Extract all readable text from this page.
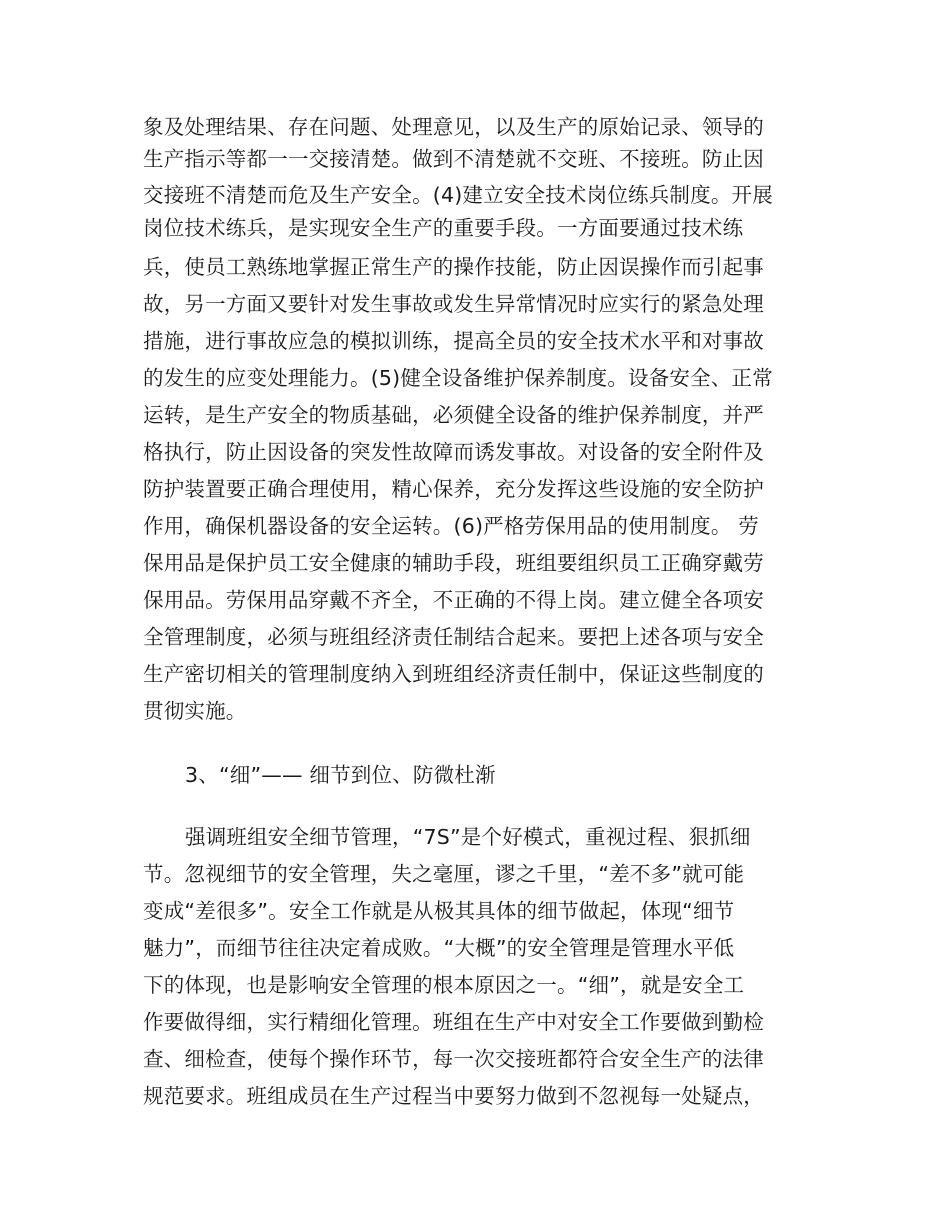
象及处理结果、存在问题、处理意见，以及生产的原始记录、领导的
生产指示等都一一交接清楚。做到不清楚就不交班、不接班。防止因
交接班不清楚而危及生产安全。(4)建立安全技术岗位练兵制度。开展
岗位技术练兵，是实现安全生产的重要手段。一方面要通过技术练
兵，使员工熟练地掌握正常生产的操作技能，防止因误操作而引起事
故，另一方面又要针对发生事故或发生异常情况时应实行的紧急处理
措施，进行事故应急的模拟训练，提高全员的安全技术水平和对事故
的发生的应变处理能力。(5)健全设备维护保养制度。设备安全、正常
运转，是生产安全的物质基础，必须健全设备的维护保养制度，并严
格执行，防止因设备的突发性故障而诱发事故。对设备的安全附件及
防护装置要正确合理使用，精心保养，充分发挥这些设施的安全防护
作用，确保机器设备的安全运转。(6)严格劳保用品的使用制度。 劳
保用品是保护员工安全健康的辅助手段，班组要组织员工正确穿戴劳
保用品。劳保用品穿戴不齐全，不正确的不得上岗。建立健全各项安
全管理制度，必须与班组经济责任制结合起来。要把上述各项与安全
生产密切相关的管理制度纳入到班组经济责任制中，保证这些制度的
贯彻实施。
3、“细”—— 细节到位、防微杜渐
强调班组安全细节管理，“7S”是个好模式，重视过程、狠抓细
节。忽视细节的安全管理，失之毫厘，谬之千里，“差不多”就可能
变成“差很多”。安全工作就是从极其具体的细节做起，体现“细节
魅力”，而细节往往决定着成败。“大概”的安全管理是管理水平低
下的体现，也是影响安全管理的根本原因之一。“细”，就是安全工
作要做得细，实行精细化管理。班组在生产中对安全工作要做到勤检
查、细检查，使每个操作环节，每一次交接班都符合安全生产的法律
规范要求。班组成员在生产过程当中要努力做到不忽视每一处疑点，
